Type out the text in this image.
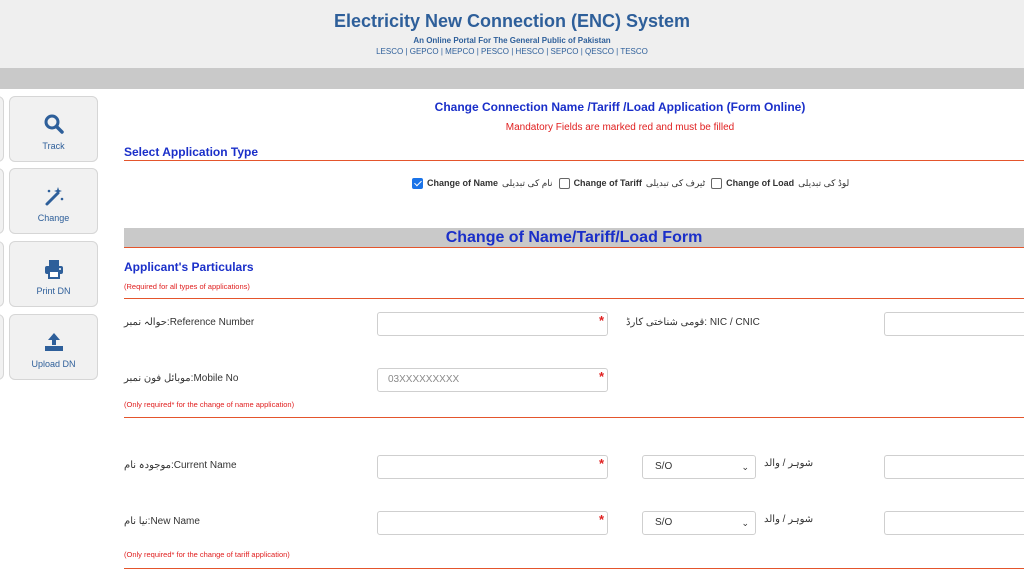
Electricity New Connection (ENC) System
An Online Portal For The General Public of Pakistan
LESCO | GEPCO | MEPCO | PESCO | HESCO | SEPCO | QESCO | TESCO
Track
Change
Print DN
Upload DN
Change Connection Name /Tariff /Load Application (Form Online)
Mandatory Fields are marked red and must be filled
Select Application Type
Change of Name نام کی تبدیلی Change of Tariff ٹیرف کی تبدیلی Change of Load لوڈ کی تبدیلی
Change of Name/Tariff/Load Form
Applicant's Particulars
(Required for all types of applications)
حوالہ نمبر:Reference Number	* قومی شناختی کارڈ: NIC / CNIC
موبائل فون نمبر:Mobile No	03XXXXXXXXX	*
(Only required* for the change of name application)
موجودہ نام:Current Name	*	S/O	⌄ شوہر / والد
نیا نام:New Name	*	S/O	⌄ شوہر / والد
(Only required* for the change of tariff application)
